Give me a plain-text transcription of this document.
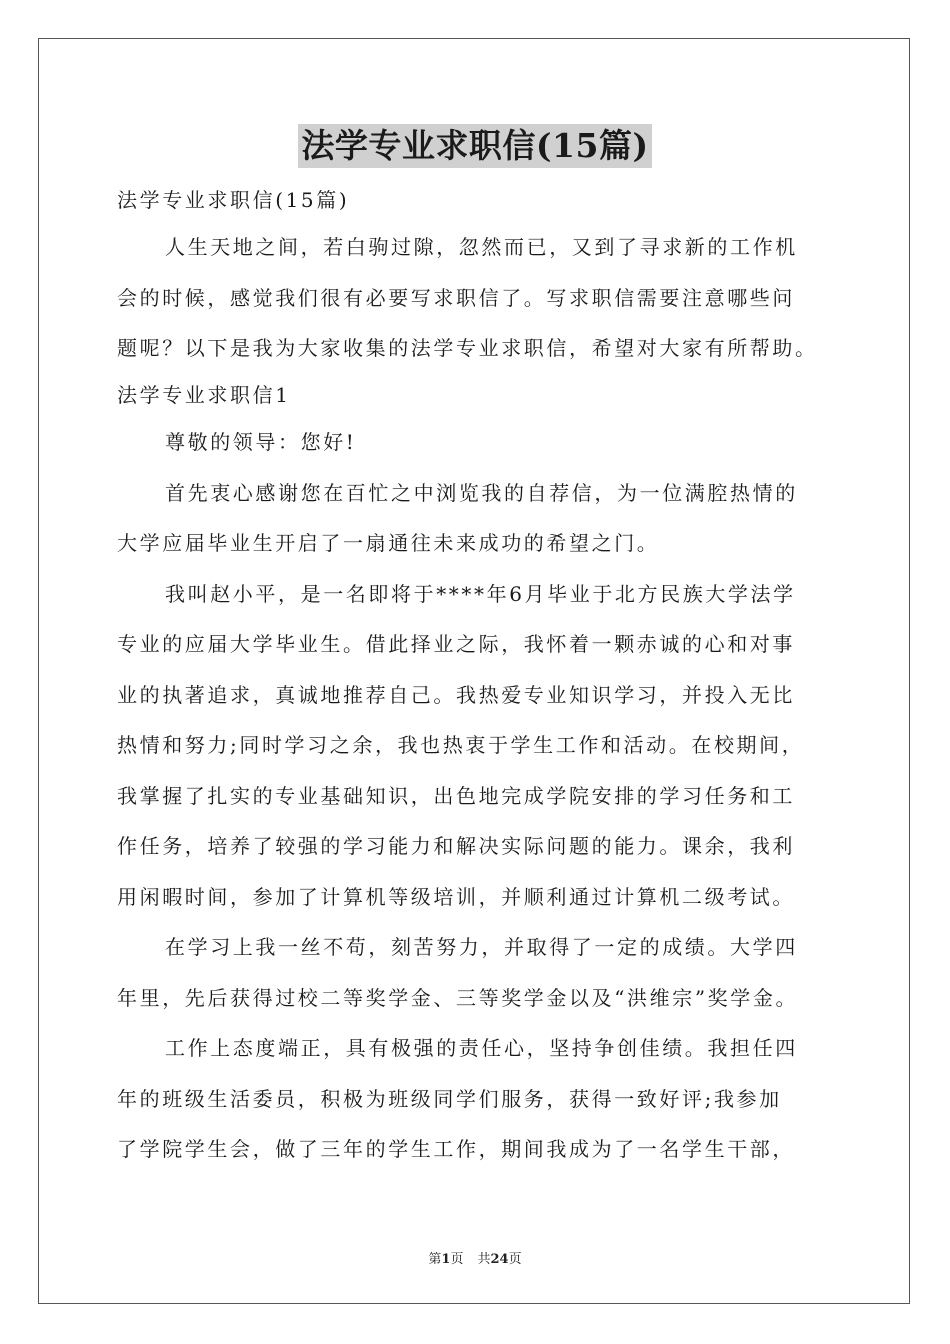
法学专业求职信(15篇)
法学专业求职信(15篇)
人生天地之间，若白驹过隙，忽然而已，又到了寻求新的工作机
会的时候，感觉我们很有必要写求职信了。写求职信需要注意哪些问
题呢？以下是我为大家收集的法学专业求职信，希望对大家有所帮助。
法学专业求职信1
尊敬的领导：您好!
首先衷心感谢您在百忙之中浏览我的自荐信，为一位满腔热情的
大学应届毕业生开启了一扇通往未来成功的希望之门。
我叫赵小平，是一名即将于****年6月毕业于北方民族大学法学
专业的应届大学毕业生。借此择业之际，我怀着一颗赤诚的心和对事
业的执著追求，真诚地推荐自己。我热爱专业知识学习，并投入无比
热情和努力;同时学习之余，我也热衷于学生工作和活动。在校期间，
我掌握了扎实的专业基础知识，出色地完成学院安排的学习任务和工
作任务，培养了较强的学习能力和解决实际问题的能力。课余，我利
用闲暇时间，参加了计算机等级培训，并顺利通过计算机二级考试。
在学习上我一丝不苟，刻苦努力，并取得了一定的成绩。大学四
年里，先后获得过校二等奖学金、三等奖学金以及“洪维宗”奖学金。
工作上态度端正，具有极强的责任心，坚持争创佳绩。我担任四
年的班级生活委员，积极为班级同学们服务，获得一致好评;我参加
了学院学生会，做了三年的学生工作，期间我成为了一名学生干部，
第1页 共24页
